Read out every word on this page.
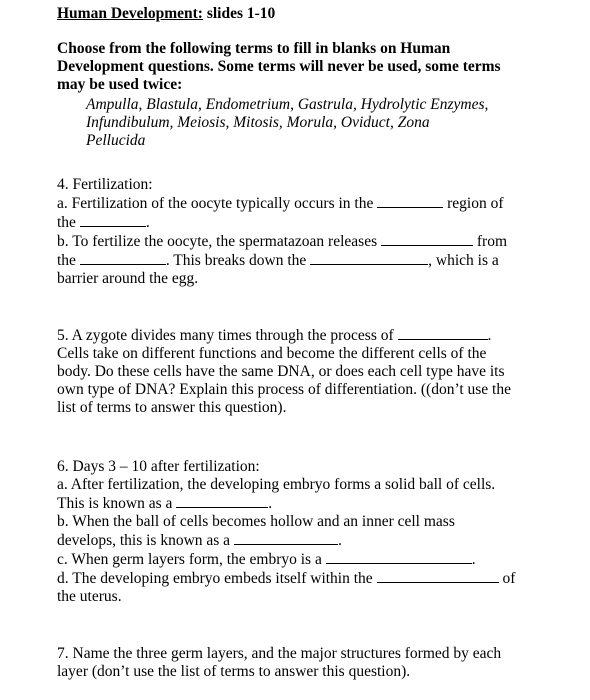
Human Development: slides 1-10
Choose from the following terms to fill in blanks on Human
Development questions. Some terms will never be used, some terms
may be used twice:
Ampulla, Blastula, Endometrium, Gastrula, Hydrolytic Enzymes,
Infundibulum, Meiosis, Mitosis, Morula, Oviduct, Zona
Pellucida
4. Fertilization:
a. Fertilization of the oocyte typically occurs in the	region of
the	.
b. To fertilize the oocyte, the spermatazoan releases	from
the	. This breaks down the	, which is a
barrier around the egg.
5. A zygote divides many times through the process of	.
Cells take on different functions and become the different cells of the
body. Do these cells have the same DNA, or does each cell type have its
own type of DNA? Explain this process of differentiation. ((don’t use the
list of terms to answer this question).
6. Days 3 – 10 after fertilization:
a. After fertilization, the developing embryo forms a solid ball of cells.
This is known as a	.
b. When the ball of cells becomes hollow and an inner cell mass
develops, this is known as a	.
c. When germ layers form, the embryo is a	.
d. The developing embryo embeds itself within the	of
the uterus.
7. Name the three germ layers, and the major structures formed by each
layer (don’t use the list of terms to answer this question).
